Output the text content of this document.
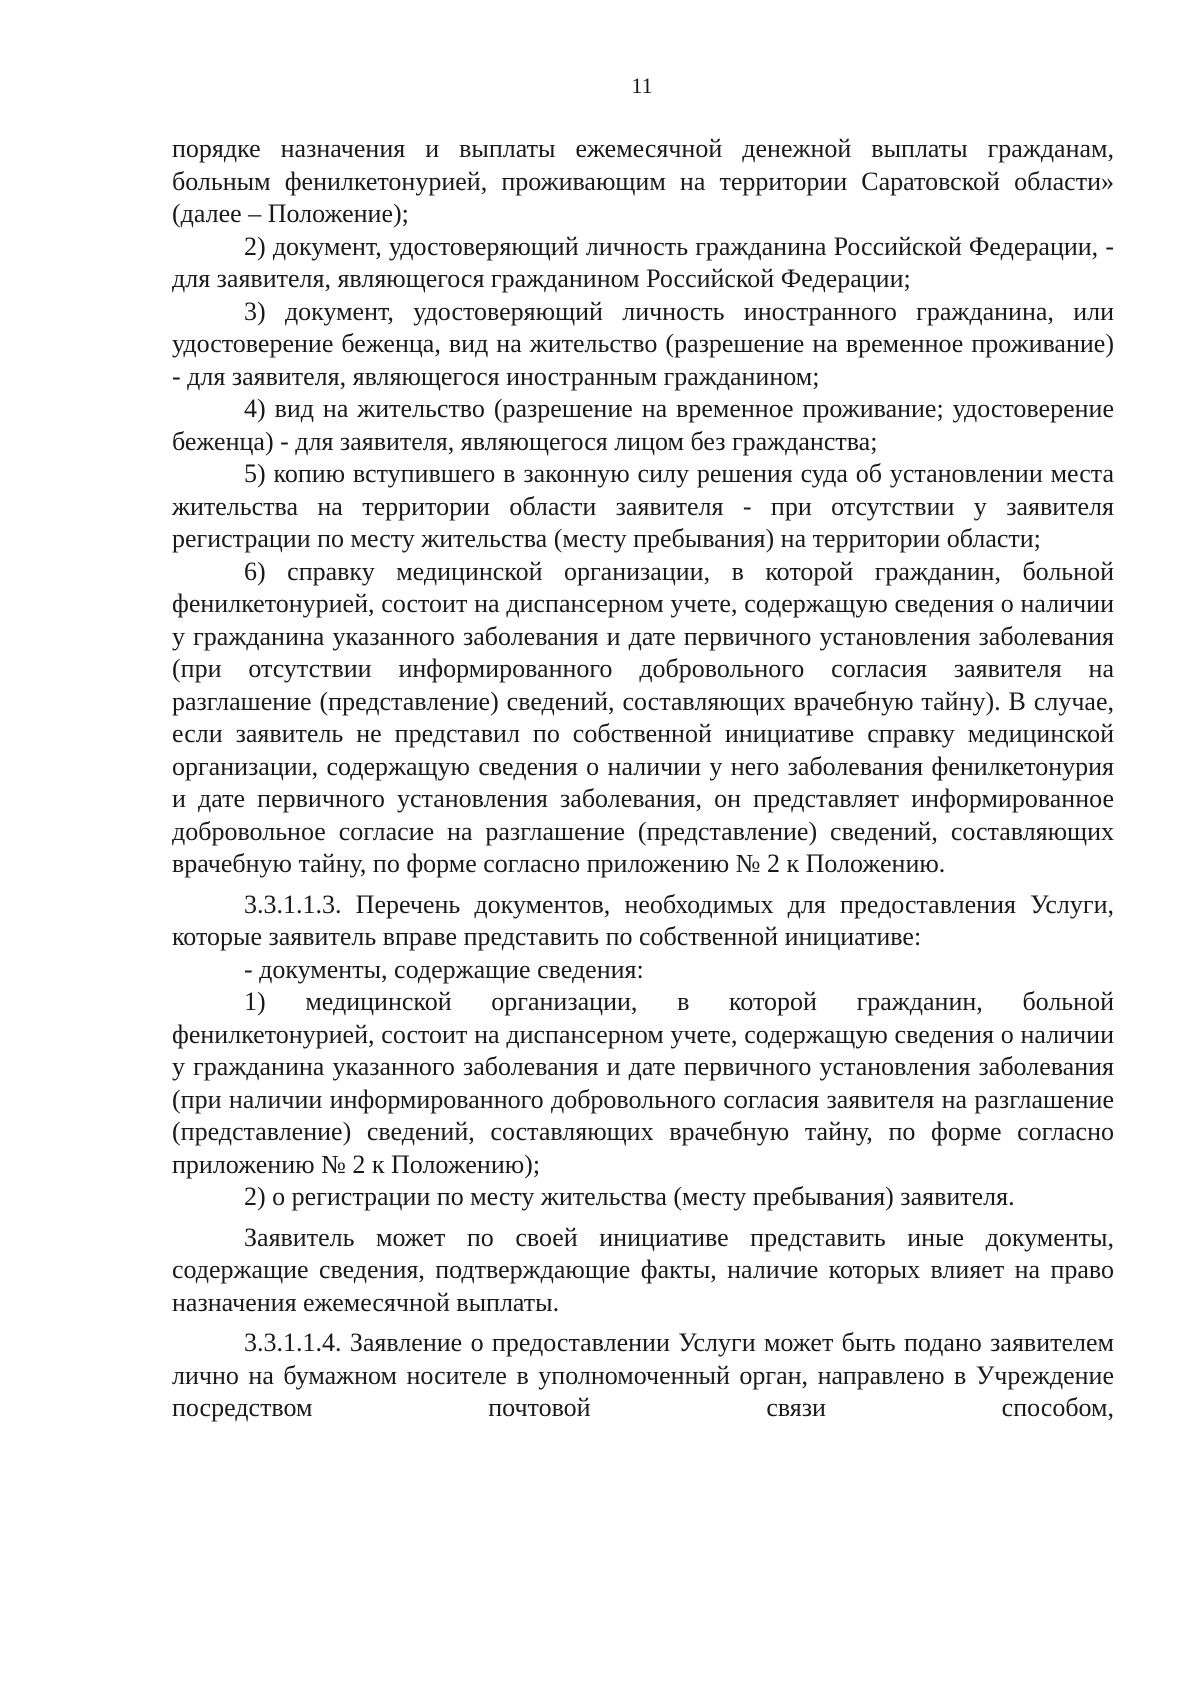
11

порядке назначения и выплаты ежемесячной денежной выплаты гражданам, больным фенилкетонурией, проживающим на территории Саратовской области» (далее – Положение);

2) документ, удостоверяющий личность гражданина Российской Федерации, - для заявителя, являющегося гражданином Российской Федерации;

3) документ, удостоверяющий личность иностранного гражданина, или удостоверение беженца, вид на жительство (разрешение на временное проживание) - для заявителя, являющегося иностранным гражданином;

4) вид на жительство (разрешение на временное проживание; удостоверение беженца) - для заявителя, являющегося лицом без гражданства;

5) копию вступившего в законную силу решения суда об установлении места жительства на территории области заявителя - при отсутствии у заявителя регистрации по месту жительства (месту пребывания) на территории области;

6) справку медицинской организации, в которой гражданин, больной фенилкетонурией, состоит на диспансерном учете, содержащую сведения о наличии у гражданина указанного заболевания и дате первичного установления заболевания (при отсутствии информированного добровольного согласия заявителя на разглашение (представление) сведений, составляющих врачебную тайну). В случае, если заявитель не представил по собственной инициативе справку медицинской организации, содержащую сведения о наличии у него заболевания фенилкетонурия и дате первичного установления заболевания, он представляет информированное добровольное согласие на разглашение (представление) сведений, составляющих врачебную тайну, по форме согласно приложению № 2 к Положению.

3.3.1.1.3. Перечень документов, необходимых для предоставления Услуги, которые заявитель вправе представить по собственной инициативе:

- документы, содержащие сведения:

1) медицинской организации, в которой гражданин, больной фенилкетонурией, состоит на диспансерном учете, содержащую сведения о наличии у гражданина указанного заболевания и дате первичного установления заболевания (при наличии информированного добровольного согласия заявителя на разглашение (представление) сведений, составляющих врачебную тайну, по форме согласно приложению № 2 к Положению);

2) о регистрации по месту жительства (месту пребывания) заявителя.

Заявитель может по своей инициативе представить иные документы, содержащие сведения, подтверждающие факты, наличие которых влияет на право назначения ежемесячной выплаты.

3.3.1.1.4. Заявление о предоставлении Услуги может быть подано заявителем лично на бумажном носителе в уполномоченный орган, направлено в Учреждение посредством почтовой связи способом,
